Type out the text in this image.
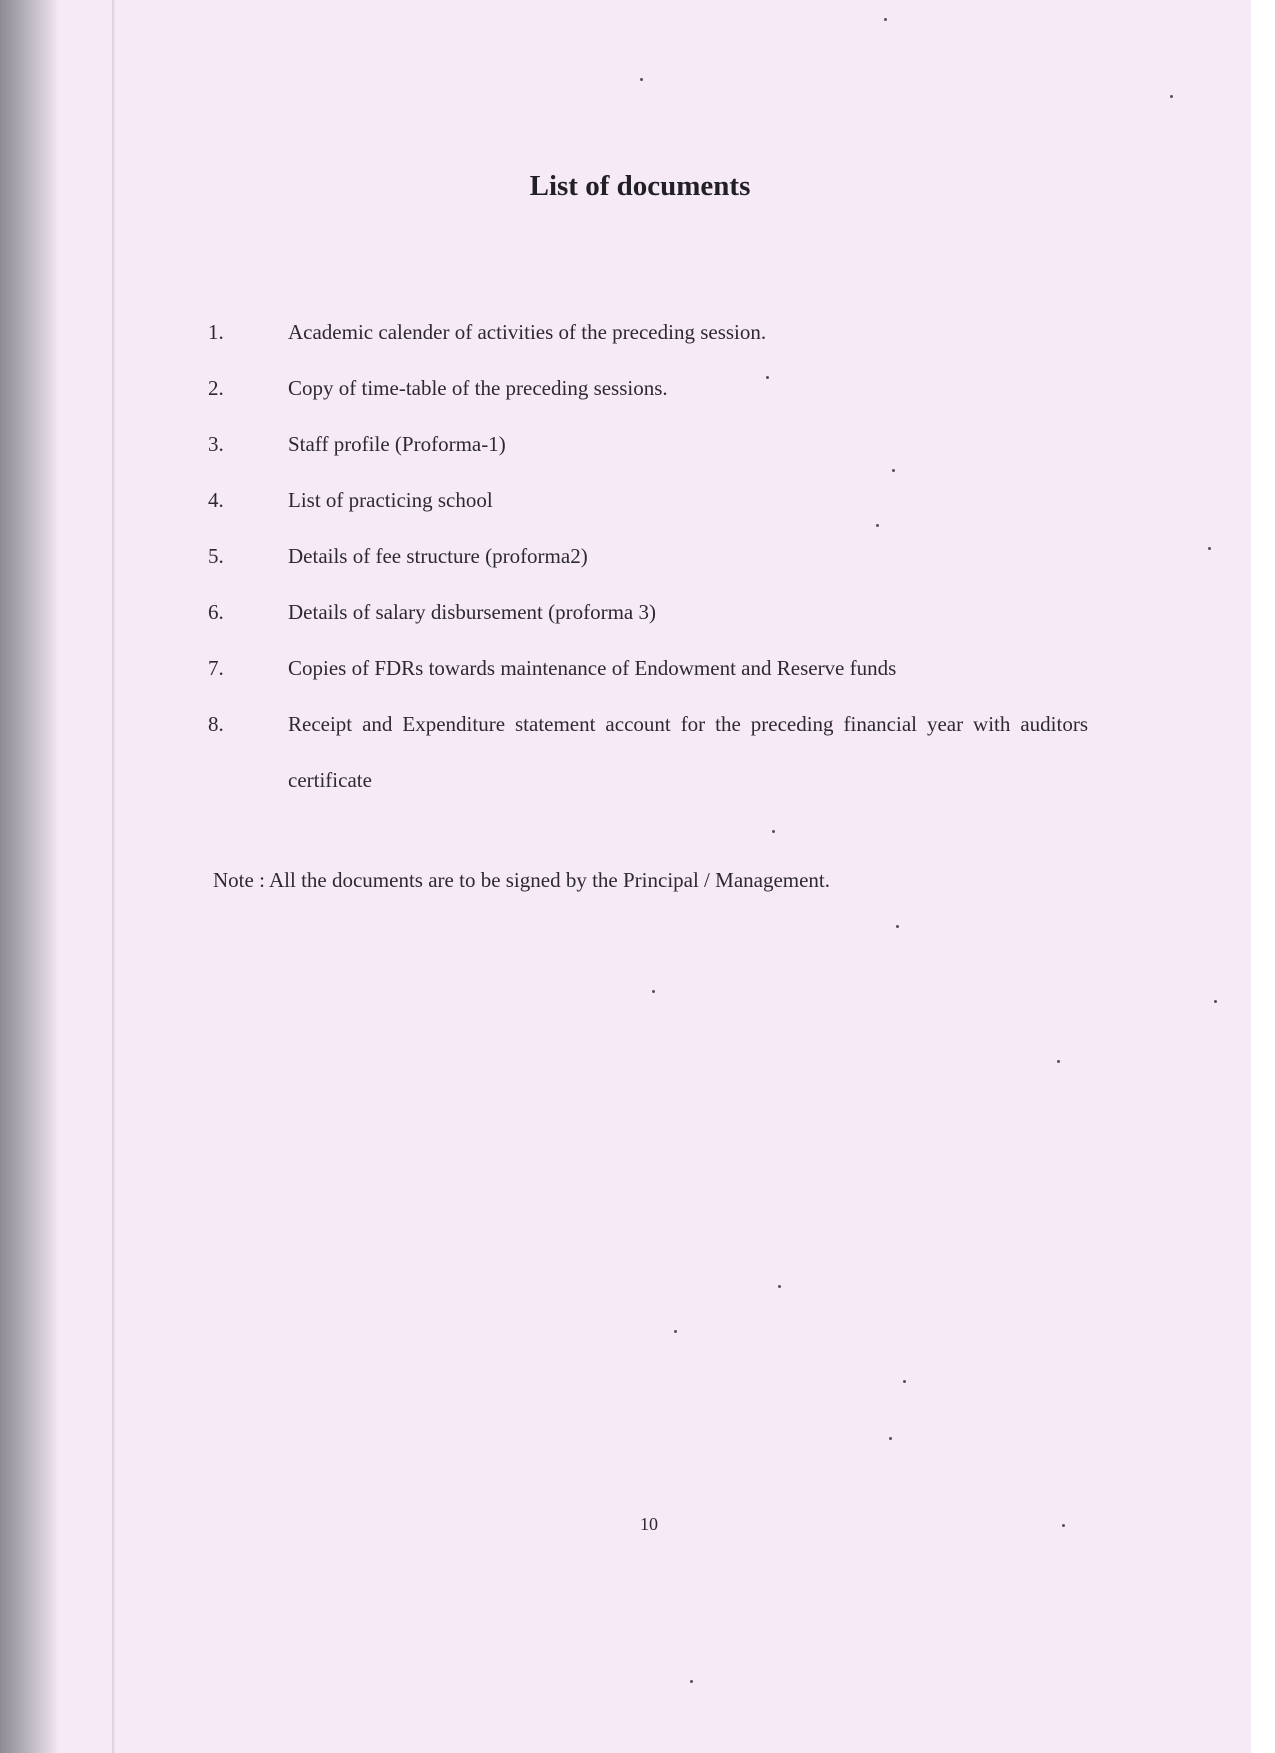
List of documents
1.	Academic calender of activities of the preceding session.
2.	Copy of time-table of the preceding sessions.
3.	Staff profile (Proforma-1)
4.	List of practicing school
5.	Details of fee structure (proforma2)
6.	Details of salary disbursement (proforma 3)
7.	Copies of FDRs towards maintenance of Endowment and Reserve funds
8.	Receipt and Expenditure statement account for the preceding financial year with auditors certificate
Note : All the documents are to be signed by the Principal / Management.
10
